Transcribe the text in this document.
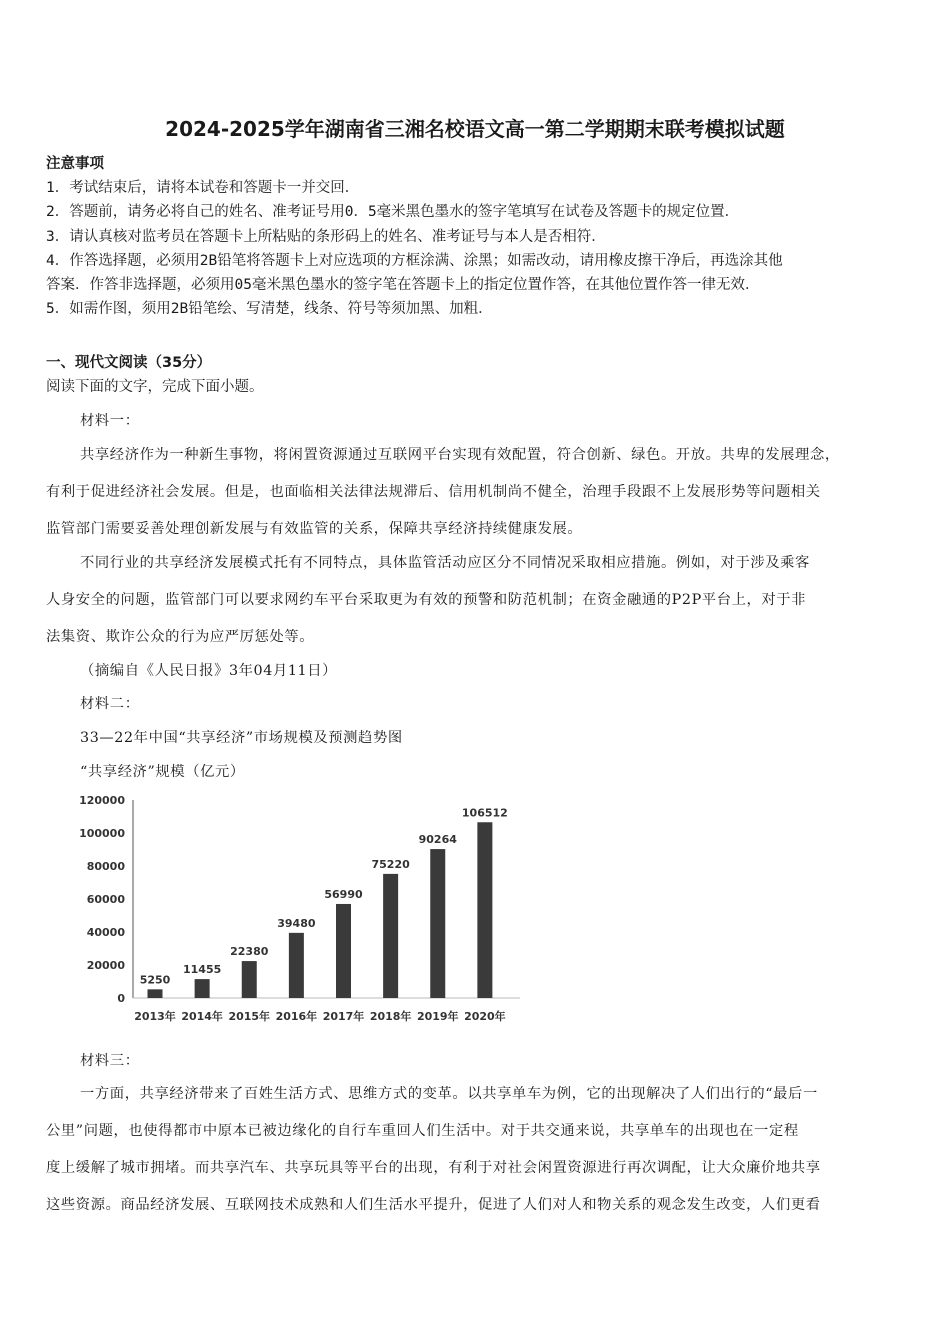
2024-2025学年湖南省三湘名校语文高一第二学期期末联考模拟试题
注意事项
1．考试结束后，请将本试卷和答题卡一并交回．
2．答题前，请务必将自己的姓名、准考证号用0．5毫米黑色墨水的签字笔填写在试卷及答题卡的规定位置．
3．请认真核对监考员在答题卡上所粘贴的条形码上的姓名、准考证号与本人是否相符．
4．作答选择题，必须用2B铅笔将答题卡上对应选项的方框涂满、涂黑；如需改动，请用橡皮擦干净后，再选涂其他
答案．作答非选择题，必须用05毫米黑色墨水的签字笔在答题卡上的指定位置作答，在其他位置作答一律无效．
5．如需作图，须用2B铅笔绘、写清楚，线条、符号等须加黑、加粗．
一、现代文阅读（35分）
阅读下面的文字，完成下面小题。
材料一：
共享经济作为一种新生事物，将闲置资源通过互联网平台实现有效配置，符合创新、绿色。开放。共卑的发展理念，
有利于促进经济社会发展。但是，也面临相关法律法规滞后、信用机制尚不健全，治理手段跟不上发展形势等问题相关
监管部门需要妥善处理创新发展与有效监管的关系，保障共享经济持续健康发展。
不同行业的共享经济发展模式托有不同特点，具体监管活动应区分不同情况采取相应措施。例如，对于涉及乘客
人身安全的问题，监管部门可以要求网约车平台采取更为有效的预警和防范机制；在资金融通的P2P平台上，对于非
法集资、欺诈公众的行为应严厉惩处等。
（摘编自《人民日报》3年04月11日）
材料二：
33—22年中国“共享经济”市场规模及预测趋势图
“共享经济”规模（亿元）
120000
100000
80000
60000
40000
20000
0
5250
2013年
11455
2014年
22380
2015年
39480
2016年
56990
2017年
75220
2018年
90264
2019年
106512
2020年
材料三：
一方面，共享经济带来了百姓生活方式、思维方式的变革。以共享单车为例，它的出现解决了人们出行的“最后一
公里”问题，也使得都市中原本已被边缘化的自行车重回人们生活中。对于共交通来说，共享单车的出现也在一定程
度上缓解了城市拥堵。而共享汽车、共享玩具等平台的出现，有利于对社会闲置资源进行再次调配，让大众廉价地共享
这些资源。商品经济发展、互联网技术成熟和人们生活水平提升，促进了人们对人和物关系的观念发生改变，人们更看
